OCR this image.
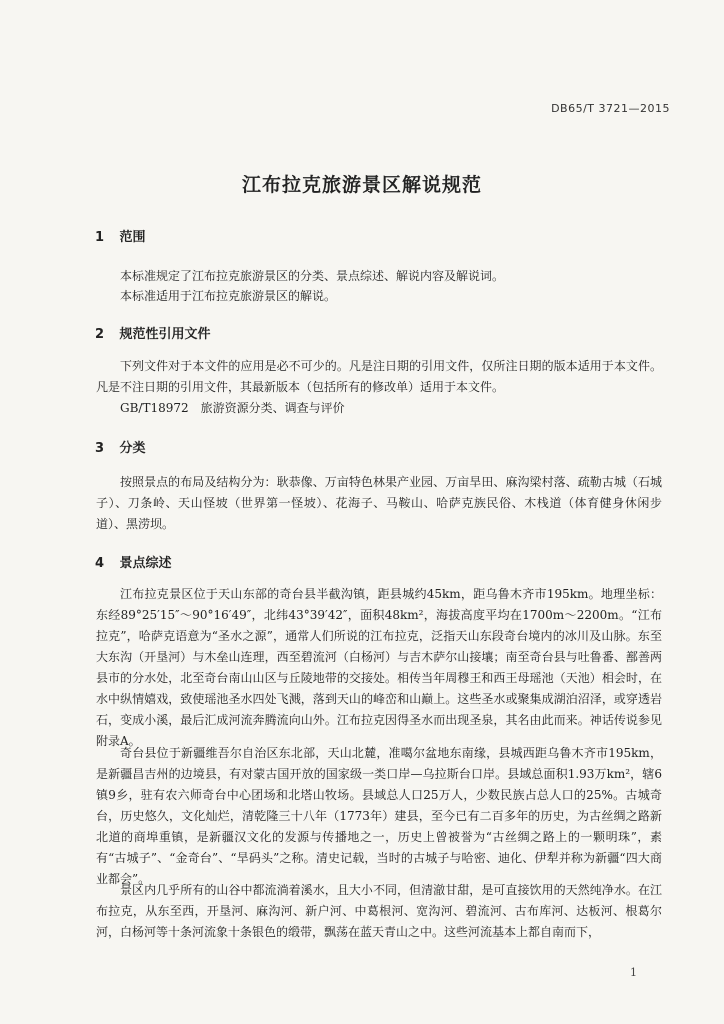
DB65/T 3721—2015
江布拉克旅游景区解说规范
1 范围
本标准规定了江布拉克旅游景区的分类、景点综述、解说内容及解说词。
本标准适用于江布拉克旅游景区的解说。
2 规范性引用文件
下列文件对于本文件的应用是必不可少的。凡是注日期的引用文件，仅所注日期的版本适用于本文件。凡是不注日期的引用文件，其最新版本（包括所有的修改单）适用于本文件。
GB/T18972　旅游资源分类、调查与评价
3 分类
按照景点的布局及结构分为：耿恭像、万亩特色林果产业园、万亩旱田、麻沟梁村落、疏勒古城（石城子）、刀条岭、天山怪坡（世界第一怪坡）、花海子、马鞍山、哈萨克族民俗、木栈道（体育健身休闲步道）、黑涝坝。
4 景点综述
江布拉克景区位于天山东部的奇台县半截沟镇，距县城约45km，距乌鲁木齐市195km。地理坐标：东经89°25′15″～90°16′49″，北纬43°39′42″，面积48km²，海拔高度平均在1700m～2200m。“江布拉克”，哈萨克语意为“圣水之源”，通常人们所说的江布拉克，泛指天山东段奇台境内的冰川及山脉。东至大东沟（开垦河）与木垒山连理，西至碧流河（白杨河）与吉木萨尔山接壤；南至奇台县与吐鲁番、鄯善两县市的分水处，北至奇台南山山区与丘陵地带的交接处。相传当年周穆王和西王母瑶池（天池）相会时，在水中纵情嬉戏，致使瑶池圣水四处飞溅，落到天山的峰峦和山巅上。这些圣水或聚集成湖泊沼泽，或穿透岩石，变成小溪，最后汇成河流奔腾流向山外。江布拉克因得圣水而出现圣泉，其名由此而来。神话传说参见附录A。
奇台县位于新疆维吾尔自治区东北部，天山北麓，准噶尔盆地东南缘，县城西距乌鲁木齐市195km，是新疆昌吉州的边境县，有对蒙古国开放的国家级一类口岸—乌拉斯台口岸。县域总面积1.93万km²，辖6镇9乡，驻有农六师奇台中心团场和北塔山牧场。县域总人口25万人，少数民族占总人口的25%。古城奇台，历史悠久，文化灿烂，清乾隆三十八年（1773年）建县，至今已有二百多年的历史，为古丝绸之路新北道的商埠重镇，是新疆汉文化的发源与传播地之一，历史上曾被誉为“古丝绸之路上的一颗明珠”，素有“古城子”、“金奇台”、“旱码头”之称。清史记载，当时的古城子与哈密、迪化、伊犁并称为新疆“四大商业都会”。
景区内几乎所有的山谷中都流淌着溪水，且大小不同，但清澈甘甜，是可直接饮用的天然纯净水。在江布拉克，从东至西，开垦河、麻沟河、新户河、中葛根河、宽沟河、碧流河、古布库河、达板河、根葛尔河，白杨河等十条河流象十条银色的缎带，飘荡在蓝天青山之中。这些河流基本上都自南而下，
1
